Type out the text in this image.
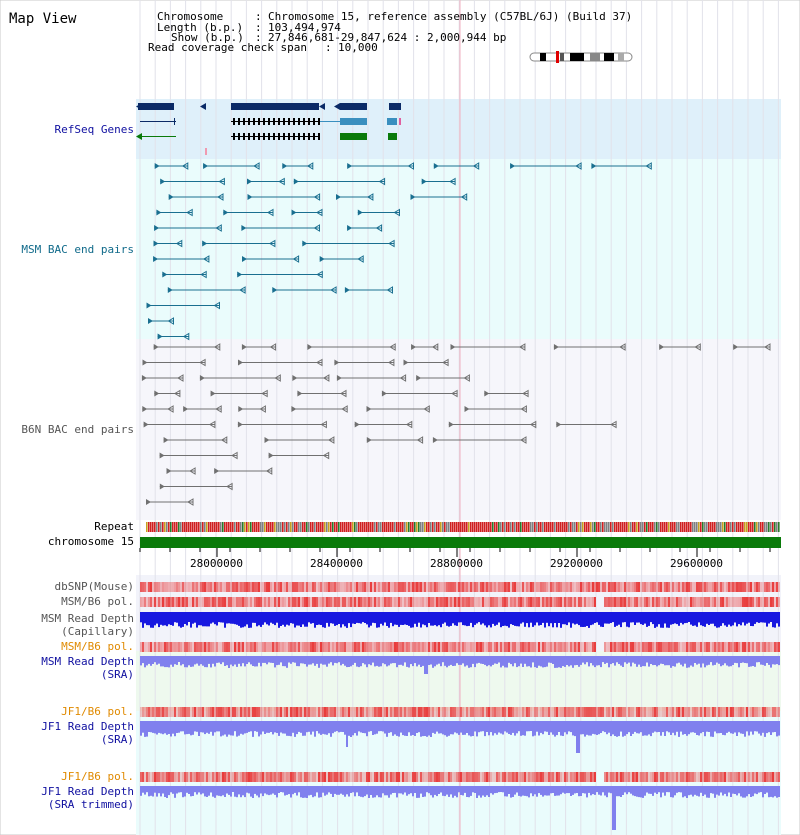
Map View	Chromosome	: Chromosome 15, reference assembly (C57BL/6J) (Build 37)
Length (b.p.) : 103,494,974
Show (b.p.) : 27,846,681-29,847,624 : 2,000,944 bp
Read coverage check span : 10,000
RefSeq Genes
MSM BAC end pairs
B6N BAC end pairs
Repeat
chromosome 15
dbSNP(Mouse)
MSM/B6 pol.
MSM Read Depth
(Capillary)
MSM/B6 pol.
MSM Read Depth
(SRA)
JF1/B6 pol.
JF1 Read Depth
(SRA)
JF1/B6 pol.
JF1 Read Depth
(SRA trimmed)
28000000	28400000	28800000	29200000	29600000
